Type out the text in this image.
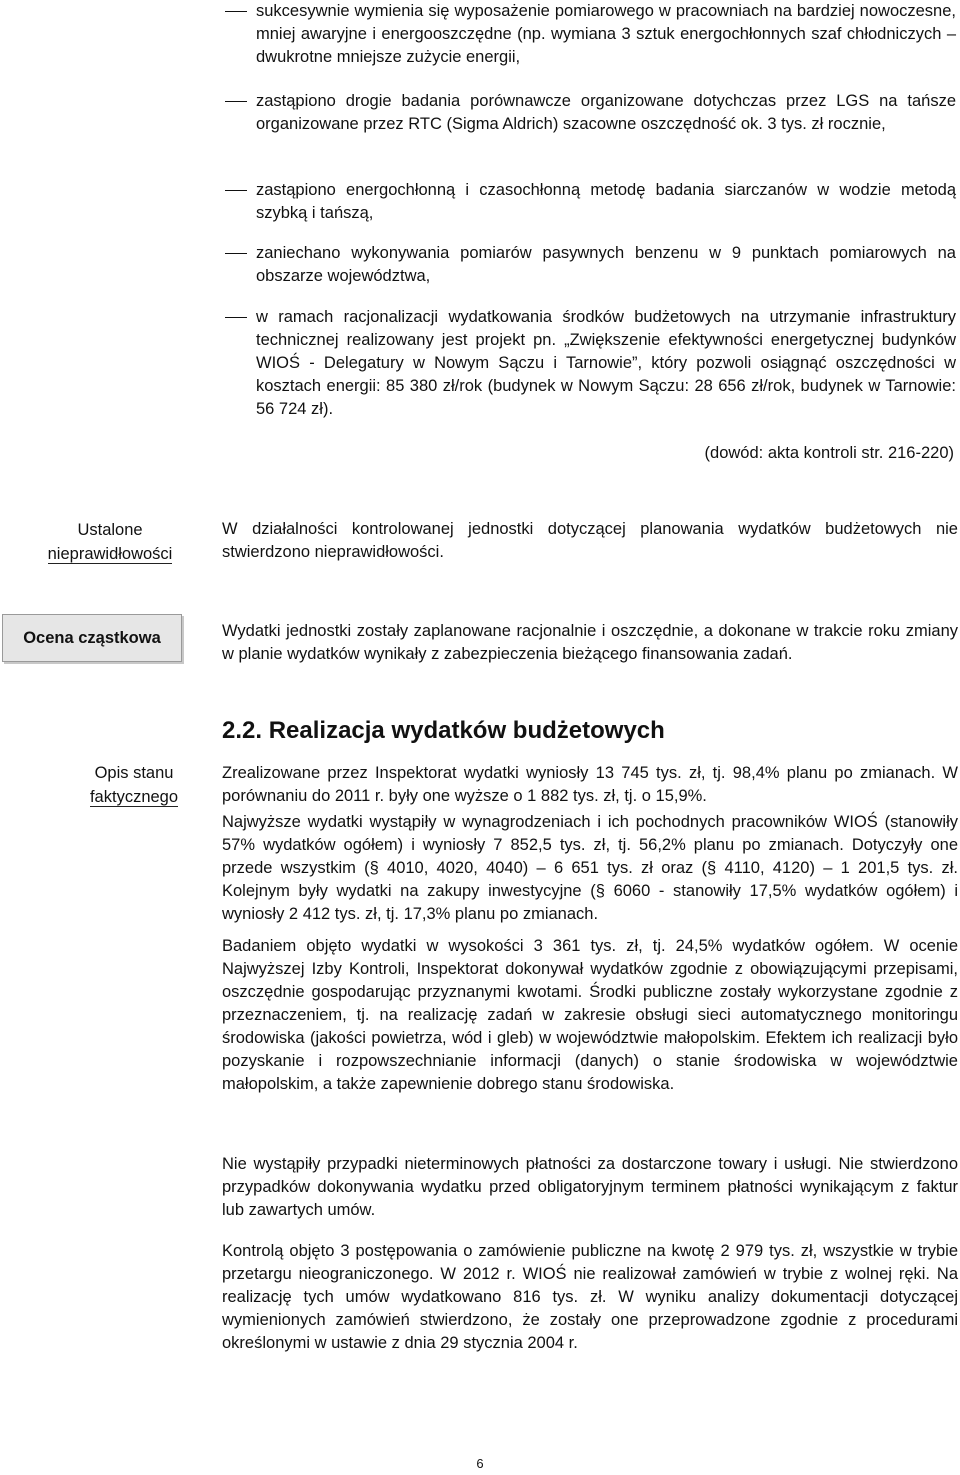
sukcesywnie wymienia się wyposażenie pomiarowego w pracowniach na bardziej nowoczesne, mniej awaryjne i energooszczędne (np. wymiana 3 sztuk energochłonnych szaf chłodniczych – dwukrotne mniejsze zużycie energii,
zastąpiono drogie badania porównawcze organizowane dotychczas przez LGS na tańsze organizowane przez RTC (Sigma Aldrich) szacowne oszczędność ok. 3 tys. zł rocznie,
zastąpiono energochłonną i czasochłonną metodę badania siarczanów w wodzie metodą szybką i tańszą,
zaniechano wykonywania pomiarów pasywnych benzenu w 9 punktach pomiarowych na obszarze województwa,
w ramach racjonalizacji wydatkowania środków budżetowych na utrzymanie infrastruktury technicznej realizowany jest projekt pn. „Zwiększenie efektywności energetycznej budynków WIOŚ - Delegatury w Nowym Sączu i Tarnowie”, który pozwoli osiągnąć oszczędności w kosztach energii: 85 380 zł/rok (budynek w Nowym Sączu: 28 656 zł/rok, budynek w Tarnowie: 56 724 zł).
(dowód: akta kontroli str. 216-220)
Ustalone
nieprawidłowości
W działalności kontrolowanej jednostki dotyczącej planowania wydatków budżetowych nie stwierdzono nieprawidłowości.
Ocena cząstkowa	Wydatki jednostki zostały zaplanowane racjonalnie i oszczędnie, a dokonane w trakcie roku zmiany w planie wydatków wynikały z zabezpieczenia bieżącego finansowania zadań.
2.2. Realizacja wydatków budżetowych
Opis stanu
faktycznego
Zrealizowane przez Inspektorat wydatki wyniosły 13 745 tys. zł, tj. 98,4% planu po zmianach. W porównaniu do 2011 r. były one wyższe o 1 882 tys. zł, tj. o 15,9%.
Najwyższe wydatki wystąpiły w wynagrodzeniach i ich pochodnych pracowników WIOŚ (stanowiły 57% wydatków ogółem) i wyniosły 7 852,5 tys. zł, tj. 56,2% planu po zmianach. Dotyczyły one przede wszystkim (§ 4010, 4020, 4040) – 6 651 tys. zł oraz (§ 4110, 4120) – 1 201,5 tys. zł. Kolejnym były wydatki na zakupy inwestycyjne (§ 6060 - stanowiły 17,5% wydatków ogółem) i wyniosły 2 412 tys. zł, tj. 17,3% planu po zmianach.
Badaniem objęto wydatki w wysokości 3 361 tys. zł, tj. 24,5% wydatków ogółem. W ocenie Najwyższej Izby Kontroli, Inspektorat dokonywał wydatków zgodnie z obowiązującymi przepisami, oszczędnie gospodarując przyznanymi kwotami. Środki publiczne zostały wykorzystane zgodnie z przeznaczeniem, tj. na realizację zadań w zakresie obsługi sieci automatycznego monitoringu środowiska (jakości powietrza, wód i gleb) w województwie małopolskim. Efektem ich realizacji było pozyskanie i rozpowszechnianie informacji (danych) o stanie środowiska w województwie małopolskim, a także zapewnienie dobrego stanu środowiska.
Nie wystąpiły przypadki nieterminowych płatności za dostarczone towary i usługi. Nie stwierdzono przypadków dokonywania wydatku przed obligatoryjnym terminem płatności wynikającym z faktur lub zawartych umów.
Kontrolą objęto 3 postępowania o zamówienie publiczne na kwotę 2 979 tys. zł, wszystkie w trybie przetargu nieograniczonego. W 2012 r. WIOŚ nie realizował zamówień w trybie z wolnej ręki. Na realizację tych umów wydatkowano 816 tys. zł. W wyniku analizy dokumentacji dotyczącej wymienionych zamówień stwierdzono, że zostały one przeprowadzone zgodnie z procedurami określonymi w ustawie z dnia 29 stycznia 2004 r.
6
